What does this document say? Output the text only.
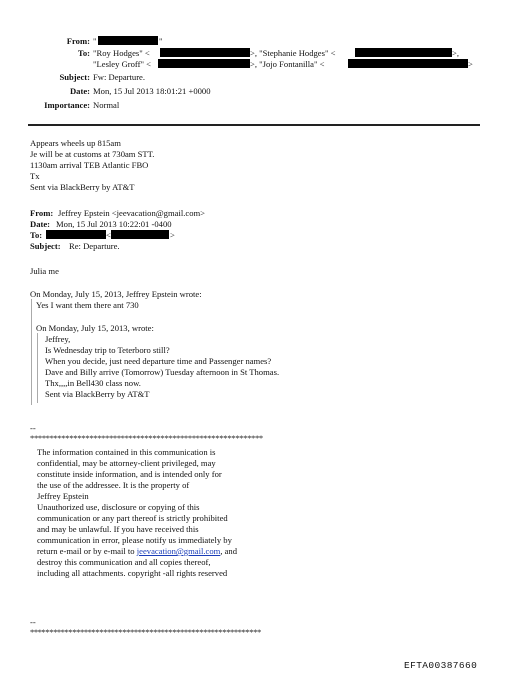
From: "	"
To: "Roy Hodges" <	>, "Stephanie Hodges" <	>,
"Lesley Groff" <	>, "Jojo Fontanilla" <	>
Subject: Fw: Departure.
Date: Mon, 15 Jul 2013 18:01:21 +0000
Importance: Normal
Appears wheels up 815am
Je will be at customs at 730am STT.
1130am arrival TEB Atlantic FBO
Tx
Sent via BlackBerry by AT&T
From: Jeffrey Epstein <jeevacation@gmail.com>
Date: Mon, 15 Jul 2013 10:22:01 -0400
To:	<	>
Subject: Re: Departure.
Julia me
On Monday, July 15, 2013, Jeffrey Epstein wrote:
Yes I want them there ant 730
On Monday, July 15, 2013, wrote:
Jeffrey,
Is Wednesday trip to Teterboro still?
When you decide, just need departure time and Passenger names?
Dave and Billy arrive (Tomorrow) Tuesday afternoon in St Thomas.
Thx,,,,in Bell430 class now.
Sent via BlackBerry by AT&T
--
***********************************************************
The information contained in this communication is
confidential, may be attorney-client privileged, may
constitute inside information, and is intended only for
the use of the addressee. It is the property of
Jeffrey Epstein
Unauthorized use, disclosure or copying of this
communication or any part thereof is strictly prohibited
and may be unlawful. If you have received this
communication in error, please notify us immediately by
return e-mail or by e-mail to jeevacation@gmail.com, and
destroy this communication and all copies thereof,
including all attachments. copyright -all rights reserved
--
************************************************************
EFTA00387660
